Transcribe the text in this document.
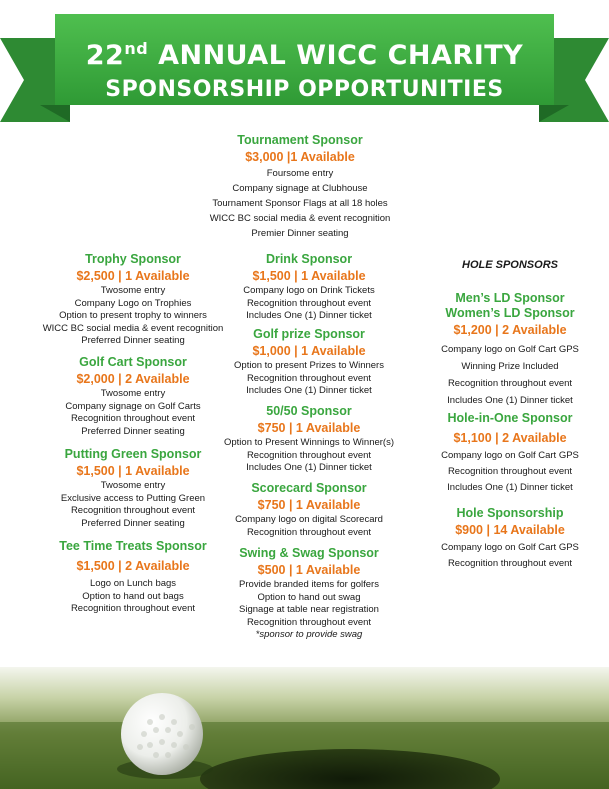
22nd ANNUAL WICC CHARITY
SPONSORSHIP OPPORTUNITIES
Tournament Sponsor
$3,000 |1 Available
Foursome entry
Company signage at Clubhouse
Tournament Sponsor Flags at all 18 holes
WICC BC social media & event recognition
Premier Dinner seating
Trophy Sponsor
$2,500 | 1 Available
Twosome entry
Company Logo on Trophies
Option to present trophy to winners
WICC BC social media & event recognition
Preferred Dinner seating
Golf Cart Sponsor
$2,000 | 2 Available
Twosome entry
Company signage on Golf Carts
Recognition throughout event
Preferred Dinner seating
Putting Green Sponsor
$1,500 | 1 Available
Twosome entry
Exclusive access to Putting Green
Recognition throughout event
Preferred Dinner seating
Tee Time Treats Sponsor
$1,500 | 2 Available
Logo on Lunch bags
Option to hand out bags
Recognition throughout event
Drink Sponsor
$1,500 | 1 Available
Company logo on Drink Tickets
Recognition throughout event
Includes One (1) Dinner ticket
Golf prize Sponsor
$1,000 | 1 Available
Option to present Prizes to Winners
Recognition throughout event
Includes One (1) Dinner ticket
50/50 Sponsor
$750 | 1 Available
Option to Present Winnings to Winner(s)
Recognition throughout event
Includes One (1) Dinner ticket
Scorecard Sponsor
$750 | 1 Available
Company logo on digital Scorecard
Recognition throughout event
Swing & Swag Sponsor
$500 | 1 Available
Provide branded items for golfers
Option to hand out swag
Signage at table near registration
Recognition throughout event
*sponsor to provide swag
HOLE SPONSORS
Men’s LD Sponsor
Women’s LD Sponsor
$1,200 | 2 Available
Company logo on Golf Cart GPS
Winning Prize Included
Recognition throughout event
Includes One (1) Dinner ticket
Hole-in-One Sponsor
$1,100 | 2 Available
Company logo on Golf Cart GPS
Recognition throughout event
Includes One (1) Dinner ticket
Hole Sponsorship
$900 | 14 Available
Company logo on Golf Cart GPS
Recognition throughout event
